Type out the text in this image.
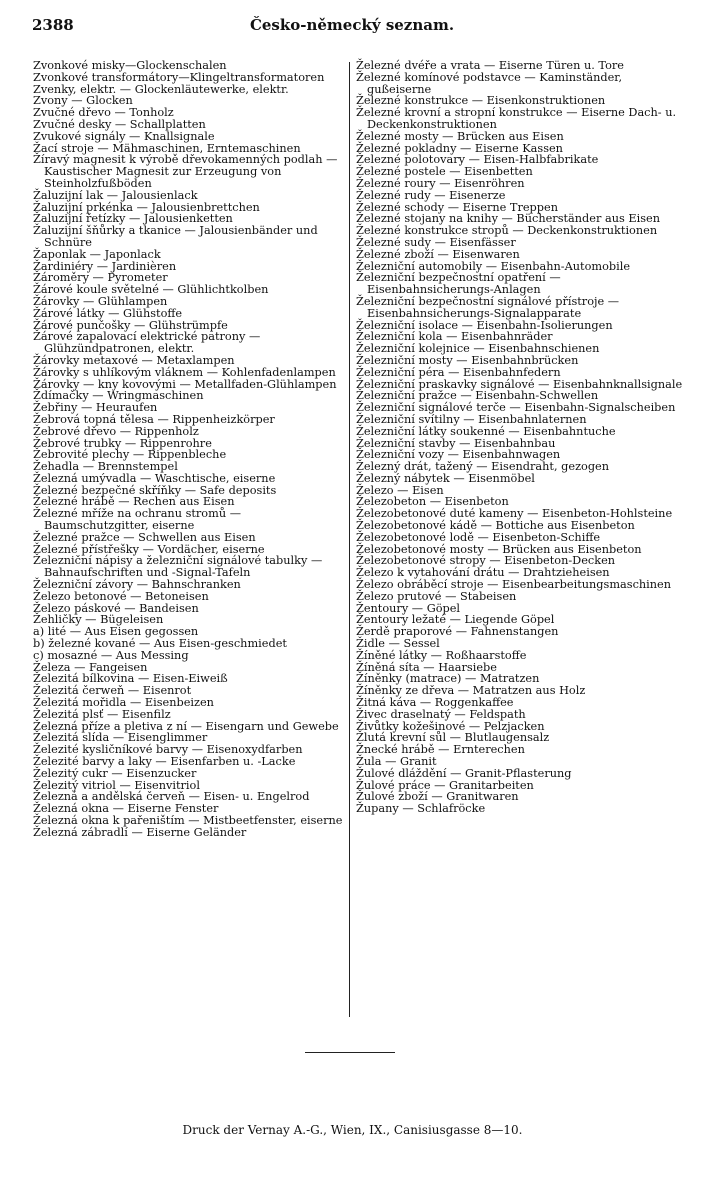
2388	Česko-německý seznam.
Zvonkové misky—Glockenschalen
Zvonkové transformátory—Klingeltransformatoren
Zvenky, elektr. — Glockenläutewerke, elektr.
Zvony — Glocken
Zvučné dřevo — Tonholz
Zvučné desky — Schallplatten
Zvukové signály — Knallsignale
Žací stroje — Mähmaschinen, Erntemaschinen
Žíravý magnesit k výrobě dřevokamenných podlah — Kaustischer Magnesit zur Erzeugung von Steinholzfußböden
Žaluzijní lak — Jalousienlack
Žaluzijní prkénka — Jalousienbrettchen
Žaluzijní řetízky — Jalousienketten
Žaluzijní šňůrky a tkanice — Jalousienbänder und Schnüre
Žaponlak — Japonlack
Žardiniéry — Jardinièren
Žároměry — Pyrometer
Žárové koule světelné — Glühlichtkolben
Žárovky — Glühlampen
Žárové látky — Glühstoffe
Žárové punčošky — Glühstrümpfe
Žárové zapalovací elektrické patrony — Glühzündpatronen, elektr.
Žárovky metaxové — Metaxlampen
Žárovky s uhlíkovým vláknem — Kohlenfadenlampen
Žárovky — kny kovovými — Metallfaden-Glühlampen
Ždímačky — Wringmaschinen
Žebřiny — Heuraufen
Žebrová topná tělesa — Rippenheizkörper
Žebrové dřevo — Rippenholz
Žebrové trubky — Rippenrohre
Žebrovité plechy — Rippenbleche
Žehadla — Brennstempel
Železná umývadla — Waschtische, eiserne
Železné bezpečné skříňky — Safe deposits
Železné hrábě — Rechen aus Eisen
Železné mříže na ochranu stromů — Baumschutzgitter, eiserne
Železné pražce — Schwellen aus Eisen
Železné přístřešky — Vordächer, eiserne
Železniční nápisy a železniční signálové tabulky — Bahnaufschriften und -Signal-Tafeln
Železniční závory — Bahnschranken
Železo betonové — Betoneisen
Železo páskové — Bandeisen
Žehličky — Bügeleisen
a) lité — Aus Eisen gegossen
b) železné kované — Aus Eisen-geschmiedet
c) mosazné — Aus Messing
Železa — Fangeisen
Železitá bílkovina — Eisen-Eiweiß
Železitá čerweň — Eisenrot
Železitá mořidla — Eisenbeizen
Železitá plsť — Eisenfilz
Železná příze a pletiva z ní — Eisengarn und Gewebe
Železitá slída — Eisenglimmer
Železité kysličníkové barvy — Eisenoxydfarben
Železité barvy a laky — Eisenfarben u. -Lacke
Železitý cukr — Eisenzucker
Železitý vitriol — Eisenvitriol
Železná a andělská červeň — Eisen- u. Engelrod
Železná okna — Eiserne Fenster
Železná okna k pařeništím — Mistbeetfenster, eiserne
Železná zábradlí — Eiserne Geländer
Železné dvéře a vrata — Eiserne Türen u. Tore
Železné komínové podstavce — Kaminständer, gußeiserne
Železné konstrukce — Eisenkonstruktionen
Železné krovní a stropní konstrukce — Eiserne Dach- u. Deckenkonstruktionen
Železné mosty — Brücken aus Eisen
Železné pokladny — Eiserne Kassen
Železné polotovary — Eisen-Halbfabrikate
Železné postele — Eisenbetten
Železné roury — Eisenröhren
Železné rudy — Eisenerze
Železné schody — Eiserne Treppen
Železné stojany na knihy — Bücherständer aus Eisen
Železné konstrukce stropů — Deckenkonstruktionen
Železné sudy — Eisenfässer
Železné zboží — Eisenwaren
Železniční automobily — Eisenbahn-Automobile
Železniční bezpečnostní opatření — Eisenbahnsicherungs-Anlagen
Železniční bezpečnostní signálové přístroje — Eisenbahnsicherungs-Signalapparate
Železniční isolace — Eisenbahn-Isolierungen
Železniční kola — Eisenbahnräder
Železniční kolejnice — Eisenbahnschienen
Železniční mosty — Eisenbahnbrücken
Železniční péra — Eisenbahnfedern
Železniční praskavky signálové — Eisenbahnknallsignale
Železniční pražce — Eisenbahn-Schwellen
Železniční signálové terče — Eisenbahn-Signalscheiben
Železniční svítilny — Eisenbahnlaternen
Železniční látky soukenné — Eisenbahntuche
Železniční stavby — Eisenbahnbau
Železniční vozy — Eisenbahnwagen
Železný drát, tažený — Eisendraht, gezogen
Železný nábytek — Eisenmöbel
Železo — Eisen
Železobeton — Eisenbeton
Železobetonové duté kameny — Eisenbeton-Hohlsteine
Železobetonové kádě — Bottiche aus Eisenbeton
Železobetonové lodě — Eisenbeton-Schiffe
Železobetonové mosty — Brücken aus Eisenbeton
Železobetonové stropy — Eisenbeton-Decken
Železo k vytahování drátu — Drahtzieheisen
Železo obráběcí stroje — Eisenbearbeitungsmaschinen
Železo prutové — Stabeisen
Žentoury — Göpel
Žentoury ležaté — Liegende Göpel
Žerdě praporové — Fahnenstangen
Židle — Sessel
Žíněné látky — Roßhaarstoffe
Žíněná síta — Haarsiebe
Žíněnky (matrace) — Matratzen
Žíněnky ze dřeva — Matratzen aus Holz
Žitná káva — Roggenkaffee
Živec draselnatý — Feldspath
Živůtky kožešinové — Pelzjacken
Žlutá krevní sůl — Blutlaugensalz
Žnecké hrábě — Ernterechen
Žula — Granit
Žulové dláždění — Granit-Pflasterung
Žulové práce — Granitarbeiten
Žulové zboží — Granitwaren
Župany — Schlafröcke
Druck der Vernay A.-G., Wien, IX., Canisiusgasse 8—10.
